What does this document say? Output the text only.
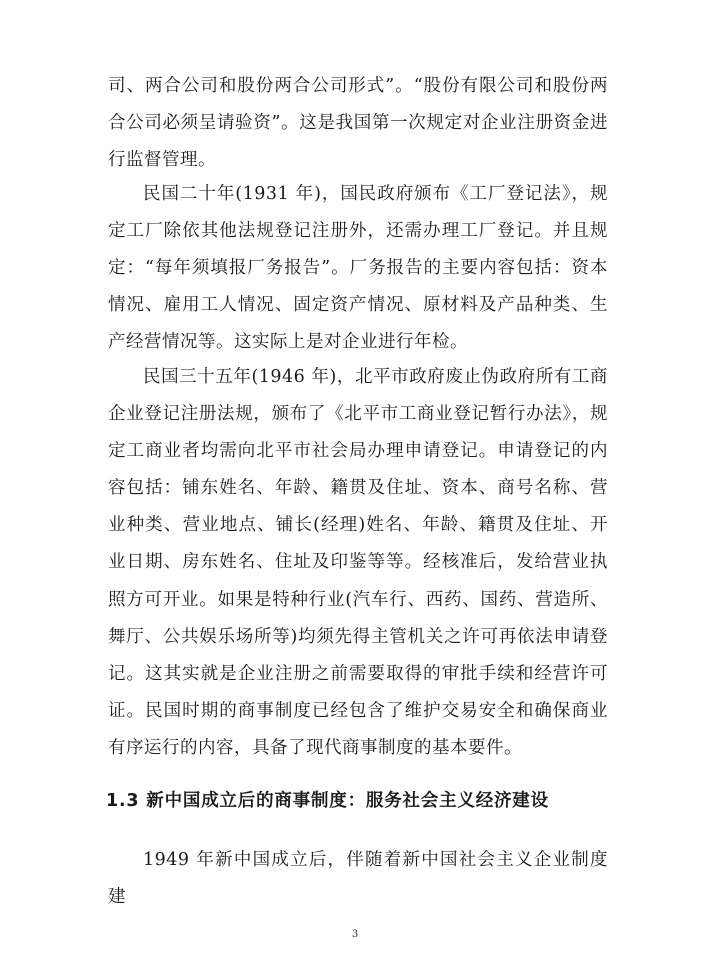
司、两合公司和股份两合公司形式”。“股份有限公司和股份两合公司必须呈请验资”。这是我国第一次规定对企业注册资金进行监督管理。

民国二十年(1931 年)，国民政府颁布《工厂登记法》，规定工厂除依其他法规登记注册外，还需办理工厂登记。并且规定：“每年须填报厂务报告”。厂务报告的主要内容包括：资本情况、雇用工人情况、固定资产情况、原材料及产品种类、生产经营情况等。这实际上是对企业进行年检。

民国三十五年(1946 年)，北平市政府废止伪政府所有工商企业登记注册法规，颁布了《北平市工商业登记暂行办法》，规定工商业者均需向北平市社会局办理申请登记。申请登记的内容包括：铺东姓名、年龄、籍贯及住址、资本、商号名称、营业种类、营业地点、铺长(经理)姓名、年龄、籍贯及住址、开业日期、房东姓名、住址及印鉴等等。经核准后，发给营业执照方可开业。如果是特种行业(汽车行、西药、国药、营造所、舞厅、公共娱乐场所等)均须先得主管机关之许可再依法申请登记。这其实就是企业注册之前需要取得的审批手续和经营许可证。民国时期的商事制度已经包含了维护交易安全和确保商业有序运行的内容，具备了现代商事制度的基本要件。

1.3 新中国成立后的商事制度：服务社会主义经济建设

1949 年新中国成立后，伴随着新中国社会主义企业制度建

3
